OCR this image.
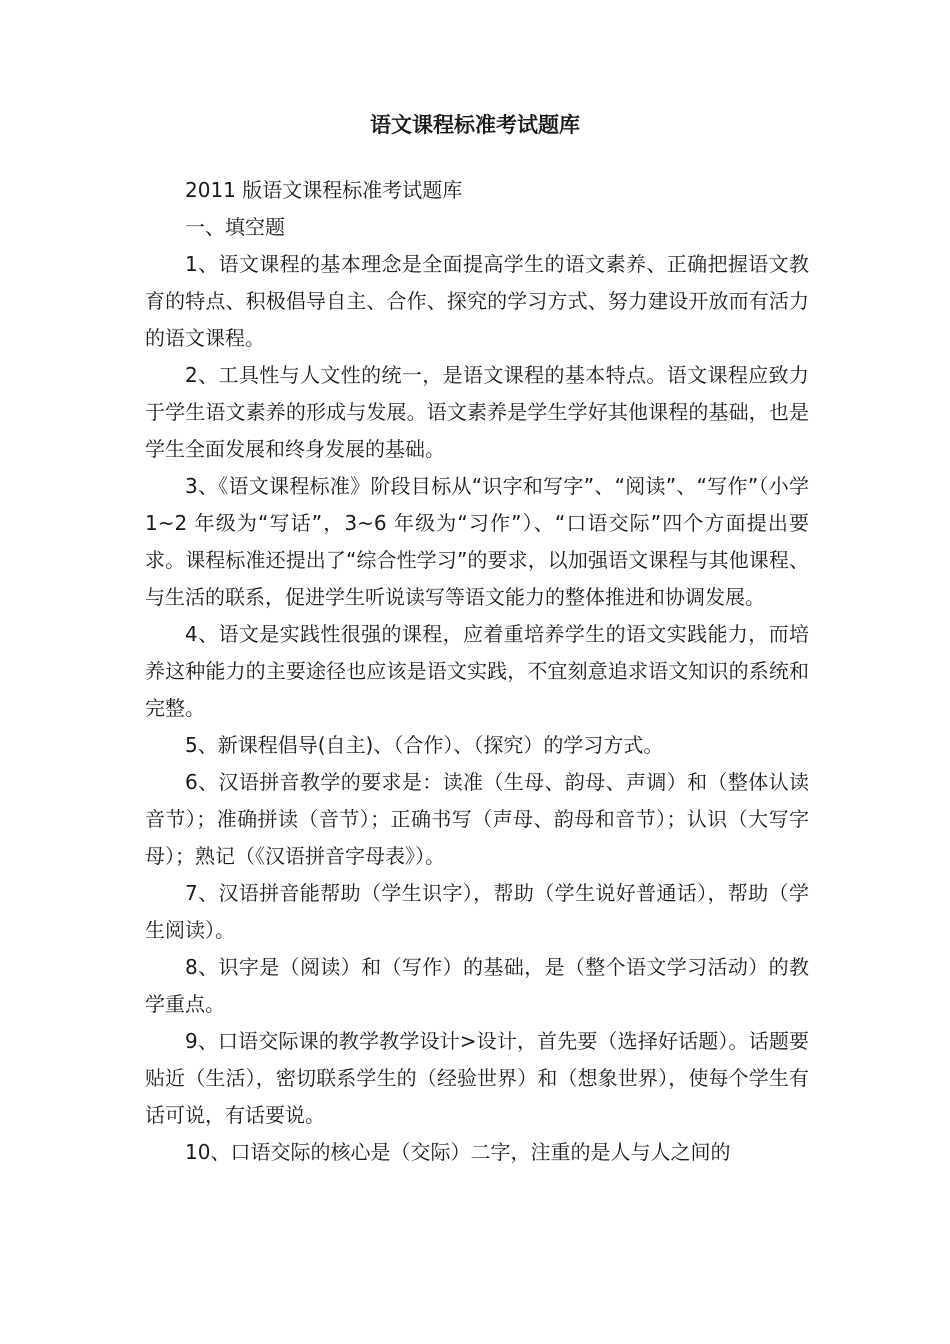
语文课程标准考试题库

2011 版语文课程标准考试题库

一、填空题

1、语文课程的基本理念是全面提高学生的语文素养、正确把握语文教育的特点、积极倡导自主、合作、探究的学习方式、努力建设开放而有活力的语文课程。

2、工具性与人文性的统一，是语文课程的基本特点。语文课程应致力于学生语文素养的形成与发展。语文素养是学生学好其他课程的基础，也是学生全面发展和终身发展的基础。

3、《语文课程标准》阶段目标从“识字和写字”、“阅读”、“写作”（小学 1~2 年级为“写话”，3~6 年级为“习作”）、“口语交际”四个方面提出要求。课程标准还提出了“综合性学习”的要求，以加强语文课程与其他课程、与生活的联系，促进学生听说读写等语文能力的整体推进和协调发展。

4、语文是实践性很强的课程，应着重培养学生的语文实践能力，而培养这种能力的主要途径也应该是语文实践，不宜刻意追求语文知识的系统和完整。

5、新课程倡导(自主)、（合作）、（探究）的学习方式。

6、汉语拼音教学的要求是：读准（生母、韵母、声调）和（整体认读音节）；准确拼读（音节）；正确书写（声母、韵母和音节）；认识（大写字母）；熟记（《汉语拼音字母表》）。

7、汉语拼音能帮助（学生识字），帮助（学生说好普通话），帮助（学生阅读）。

8、识字是（阅读）和（写作）的基础，是（整个语文学习活动）的教学重点。

9、口语交际课的教学教学设计>设计，首先要（选择好话题）。话题要贴近（生活），密切联系学生的（经验世界）和（想象世界），使每个学生有话可说，有话要说。

10、口语交际的核心是（交际）二字，注重的是人与人之间的
